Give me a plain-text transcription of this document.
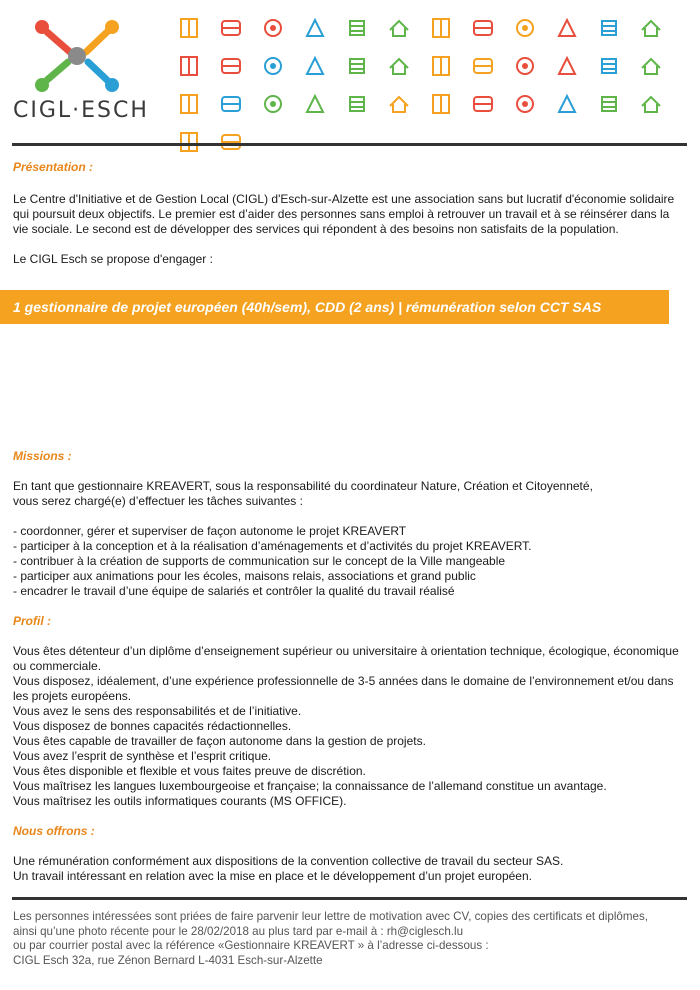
CIGL·ESCH

Présentation :

Le Centre d'Initiative et de Gestion Local (CIGL) d'Esch-sur-Alzette est une association sans but lucratif d'économie solidaire qui poursuit deux objectifs. Le premier est d’aider des personnes sans emploi à retrouver un travail et à se réinsérer dans la vie sociale. Le second est de développer des services qui répondent à des besoins non satisfaits de la population.

Le CIGL Esch se propose d'engager :

Missions :

En tant que gestionnaire KREAVERT, sous la responsabilité du coordinateur Nature, Création et Citoyenneté,

vous serez chargé(e) d’effectuer les tâches suivantes :

- coordonner, gérer et superviser de façon autonome le projet KREAVERT

- participer à la conception et à la réalisation d’aménagements et d’activités du projet KREAVERT.

- contribuer à la création de supports de communication sur le concept de la Ville mangeable

- participer aux animations pour les écoles, maisons relais, associations et grand public

- encadrer le travail d’une équipe de salariés et contrôler la qualité du travail réalisé

Profil :

Vous êtes détenteur d’un diplôme d’enseignement supérieur ou universitaire à orientation technique, écologique, économique ou commerciale.

Vous disposez, idéalement, d’une expérience professionnelle de 3-5 années dans le domaine de l’environnement et/ou dans les projets européens.

Vous avez le sens des responsabilités et de l’initiative.

Vous disposez de bonnes capacités rédactionnelles.

Vous êtes capable de travailler de façon autonome dans la gestion de projets.

Vous avez l’esprit de synthèse et l’esprit critique.

Vous êtes disponible et flexible et vous faites preuve de discrétion.

Vous maîtrisez les langues luxembourgeoise et française; la connaissance de l’allemand constitue un avantage.

Vous maîtrisez les outils informatiques courants (MS OFFICE).

Nous offrons :

Une rémunération conformément aux dispositions de la convention collective de travail du secteur SAS.

Un travail intéressant en relation avec la mise en place et le développement d’un projet européen.

1 gestionnaire de projet européen (40h/sem), CDD (2 ans) | rémunération selon CCT SAS

Les personnes intéressées sont priées de faire parvenir leur lettre de motivation avec CV, copies des certificats et diplômes,

ainsi qu’une photo récente pour le 28/02/2018 au plus tard par e-mail à : rh@ciglesch.lu

ou par courrier postal avec la référence «Gestionnaire KREAVERT » à l’adresse ci-dessous :

CIGL Esch 32a, rue Zénon Bernard L-4031 Esch-sur-Alzette
